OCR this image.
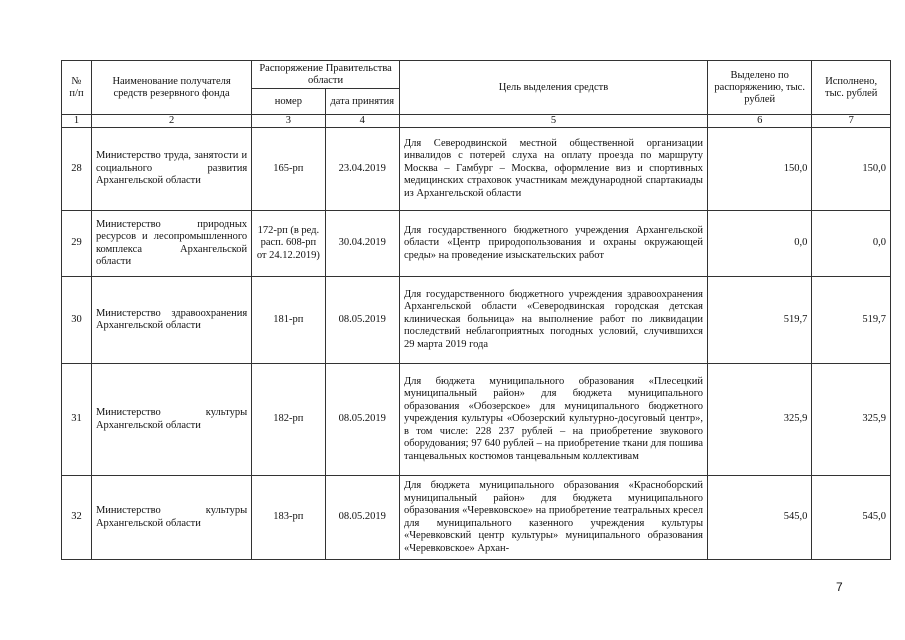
№ п/п	Наименование получателя средств резервного фонда	Распоряжение Правительства области		Цель выделения средств	Выделено по распоряжению, тыс. рублей	Исполнено, тыс. рублей
		номер	дата принятия			
1	2	3	4	5	6	7
28	Министерство труда, занятости и социального развития Архангельской области	165-рп	23.04.2019	Для Северодвинской местной общественной организации инвалидов с потерей слуха на оплату проезда по маршруту Москва – Гамбург – Москва, оформление виз и спортивных медицинских страховок участникам международной спартакиады из Архангельской области	150,0	150,0
29	Министерство природных ресурсов и лесопромышленного комплекса Архангельской области	172-рп (в ред. расп. 608-рп от 24.12.2019)	30.04.2019	Для государственного бюджетного учреждения Архангельской области «Центр природопользования и охраны окружающей среды» на проведение изыскательских работ	0,0	0,0
30	Министерство здравоохранения Архангельской области	181-рп	08.05.2019	Для государственного бюджетного учреждения здравоохранения Архангельской области «Северодвинская городская детская клиническая больница» на выполнение работ по ликвидации последствий неблагоприятных погодных условий, случившихся 29 марта 2019 года	519,7	519,7
31	Министерство культуры Архангельской области	182-рп	08.05.2019	Для бюджета муниципального образования «Плесецкий муниципальный район» для бюджета муниципального образования «Обозерское» для муниципального бюджетного учреждения культуры «Обозерский культурно-досуговый центр», в том числе: 228 237 рублей – на приобретение звукового оборудования; 97 640 рублей – на приобретение ткани для пошива танцевальных костюмов танцевальным коллективам	325,9	325,9
32	Министерство культуры Архангельской области	183-рп	08.05.2019	Для бюджета муниципального образования «Красноборский муниципальный район» для бюджета муниципального образования «Черевковское» на приобретение театральных кресел для муниципального казенного учреждения культуры «Черевковский центр культуры» муниципального образования «Черевковское» Архан-	545,0	545,0
7
